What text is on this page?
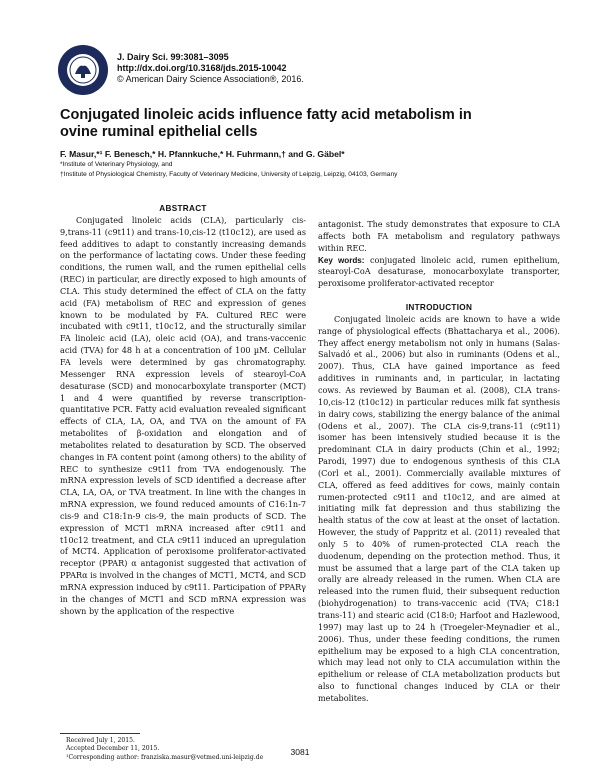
J. Dairy Sci. 99:3081–3095
http://dx.doi.org/10.3168/jds.2015-10042
© American Dairy Science Association®, 2016.
Conjugated linoleic acids influence fatty acid metabolism in ovine ruminal epithelial cells
F. Masur,*¹ F. Benesch,* H. Pfannkuche,* H. Fuhrmann,† and G. Gäbel*
*Institute of Veterinary Physiology, and
†Institute of Physiological Chemistry, Faculty of Veterinary Medicine, University of Leipzig, Leipzig, 04103, Germany

ABSTRACT

Conjugated linoleic acids (CLA), particularly cis-9,trans-11 (c9t11) and trans-10,cis-12 (t10c12), are used as feed additives to adapt to constantly increasing demands on the performance of lactating cows. Under these feeding conditions, the rumen wall, and the rumen epithelial cells (REC) in particular, are directly exposed to high amounts of CLA. This study determined the effect of CLA on the fatty acid (FA) metabolism of REC and expression of genes known to be modulated by FA. Cultured REC were incubated with c9t11, t10c12, and the structurally similar FA linoleic acid (LA), oleic acid (OA), and trans-vaccenic acid (TVA) for 48 h at a concentration of 100 µM. Cellular FA levels were determined by gas chromatography. Messenger RNA expression levels of stearoyl-CoA desaturase (SCD) and monocarboxylate transporter (MCT) 1 and 4 were quantified by reverse transcription-quantitative PCR. Fatty acid evaluation revealed significant effects of CLA, LA, OA, and TVA on the amount of FA metabolites of β-oxidation and elongation and of metabolites related to desaturation by SCD. The observed changes in FA content point (among others) to the ability of REC to synthesize c9t11 from TVA endogenously. The mRNA expression levels of SCD identified a decrease after CLA, LA, OA, or TVA treatment. In line with the changes in mRNA expression, we found reduced amounts of C16:1n-7 cis-9 and C18:1n-9 cis-9, the main products of SCD. The expression of MCT1 mRNA increased after c9t11 and t10c12 treatment, and CLA c9t11 induced an upregulation of MCT4. Application of peroxisome proliferator-activated receptor (PPAR) α antagonist suggested that activation of PPARα is involved in the changes of MCT1, MCT4, and SCD mRNA expression induced by c9t11. Participation of PPARγ in the changes of MCT1 and SCD mRNA expression was shown by the application of the respective

antagonist. The study demonstrates that exposure to CLA affects both FA metabolism and regulatory pathways within REC.

Key words: conjugated linoleic acid, rumen epithelium, stearoyl-CoA desaturase, monocarboxylate transporter, peroxisome proliferator-activated receptor

INTRODUCTION

Conjugated linoleic acids are known to have a wide range of physiological effects (Bhattacharya et al., 2006). They affect energy metabolism not only in humans (Salas-Salvadó et al., 2006) but also in ruminants (Odens et al., 2007). Thus, CLA have gained importance as feed additives in ruminants and, in particular, in lactating cows. As reviewed by Bauman et al. (2008), CLA trans-10,cis-12 (t10c12) in particular reduces milk fat synthesis in dairy cows, stabilizing the energy balance of the animal (Odens et al., 2007). The CLA cis-9,trans-11 (c9t11) isomer has been intensively studied because it is the predominant CLA in dairy products (Chin et al., 1992; Parodi, 1997) due to endogenous synthesis of this CLA (Corl et al., 2001). Commercially available mixtures of CLA, offered as feed additives for cows, mainly contain rumen-protected c9t11 and t10c12, and are aimed at initiating milk fat depression and thus stabilizing the health status of the cow at least at the onset of lactation. However, the study of Pappritz et al. (2011) revealed that only 5 to 40% of rumen-protected CLA reach the duodenum, depending on the protection method. Thus, it must be assumed that a large part of the CLA taken up orally are already released in the rumen. When CLA are released into the rumen fluid, their subsequent reduction (biohydrogenation) to trans-vaccenic acid (TVA; C18:1 trans-11) and stearic acid (C18:0; Harfoot and Hazlewood, 1997) may last up to 24 h (Troegeler-Meynadier et al., 2006). Thus, under these feeding conditions, the rumen epithelium may be exposed to a high CLA concentration, which may lead not only to CLA accumulation within the epithelium or release of CLA metabolization products but also to functional changes induced by CLA or their metabolites.

Received July 1, 2015.
Accepted December 11, 2015.
¹Corresponding author: franziska.masur@vetmed.uni-leipzig.de
3081
